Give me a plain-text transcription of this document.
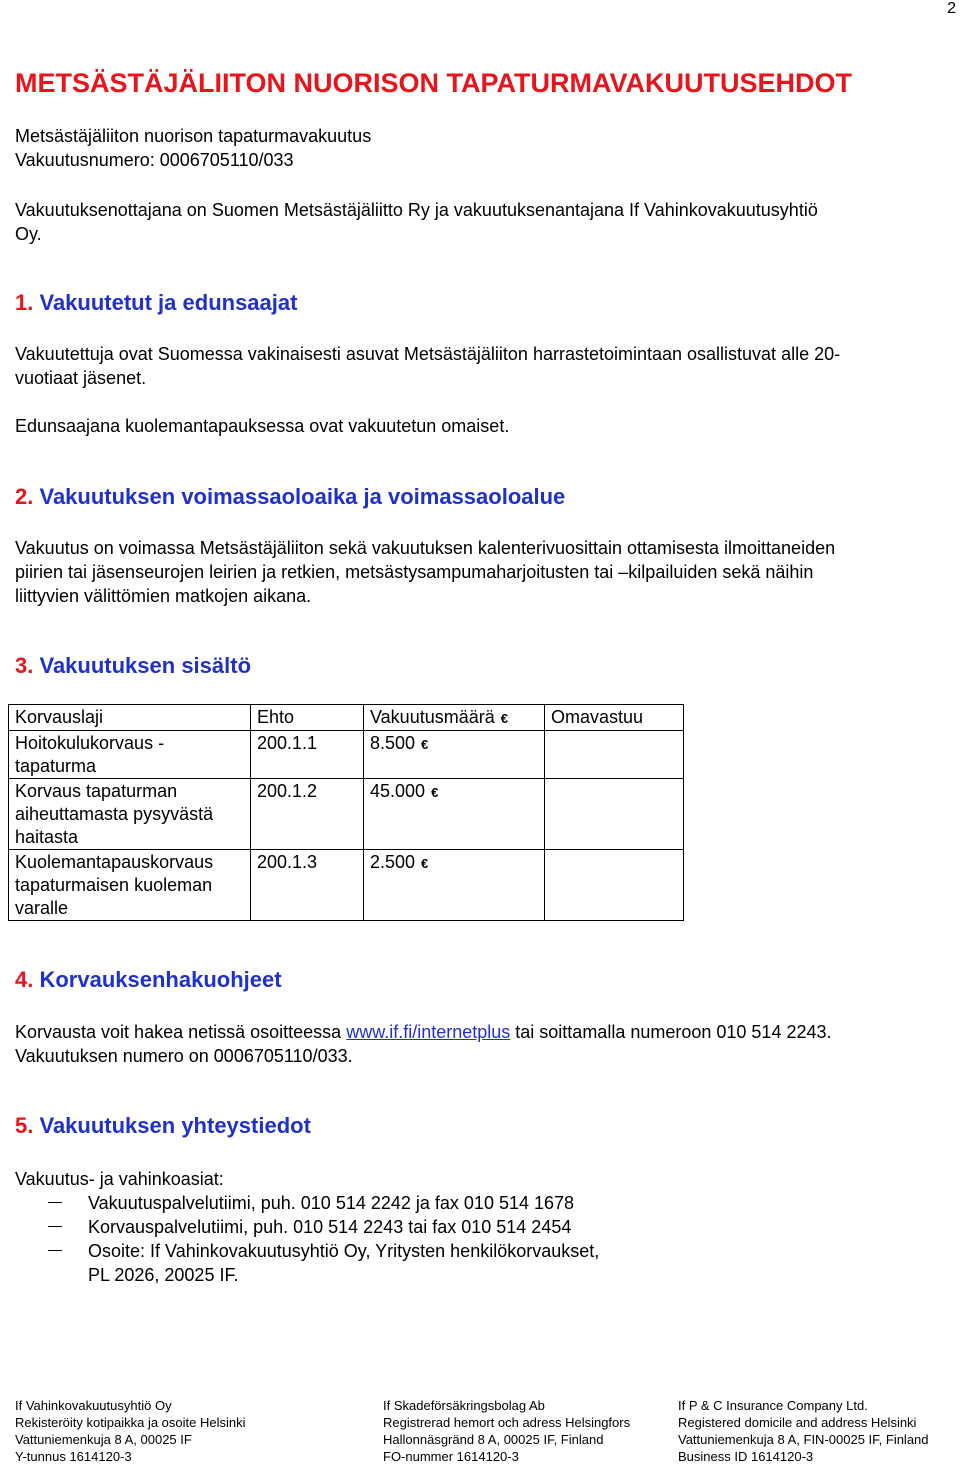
2
METSÄSTÄJÄLIITON NUORISON TAPATURMAVAKUUTUSEHDOT
Metsästäjäliiton nuorison tapaturmavakuutus
Vakuutusnumero: 0006705110/033
Vakuutuksenottajana on Suomen Metsästäjäliitto Ry ja vakuutuksenantajana If Vahinkovakuutusyhtiö
Oy.
1. Vakuutetut ja edunsaajat
Vakuutettuja ovat Suomessa vakinaisesti asuvat Metsästäjäliiton harrastetoimintaan osallistuvat alle 20-
vuotiaat jäsenet.
Edunsaajana kuolemantapauksessa ovat vakuutetun omaiset.
2. Vakuutuksen voimassaoloaika ja voimassaoloalue
Vakuutus on voimassa Metsästäjäliiton sekä vakuutuksen kalenterivuosittain ottamisesta ilmoittaneiden
piirien tai jäsenseurojen leirien ja retkien, metsästysampumaharjoitusten tai –kilpailuiden sekä näihin
liittyvien välittömien matkojen aikana.
3. Vakuutuksen sisältö
Korvauslaji	Ehto	Vakuutusmäärä €	Omavastuu
Hoitokulukorvaus - tapaturma	200.1.1	8.500 €	
Korvaus tapaturman aiheuttamasta pysyvästä haitasta	200.1.2	45.000 €	
Kuolemantapauskorvaus tapaturmaisen kuoleman varalle	200.1.3	2.500 €	
4. Korvauksenhakuohjeet
Korvausta voit hakea netissä osoitteessa www.if.fi/internetplus tai soittamalla numeroon 010 514 2243.
Vakuutuksen numero on 0006705110/033.
5. Vakuutuksen yhteystiedot
Vakuutus- ja vahinkoasiat:
Vakuutuspalvelutiimi, puh. 010 514 2242 ja fax 010 514 1678
Korvauspalvelutiimi, puh. 010 514 2243 tai fax 010 514 2454
Osoite: If Vahinkovakuutusyhtiö Oy, Yritysten henkilökorvaukset,
PL 2026, 20025 IF.
If Vahinkovakuutusyhtiö Oy
Rekisteröity kotipaikka ja osoite Helsinki
Vattuniemenkuja 8 A, 00025 IF
Y-tunnus 1614120-3
If Skadeförsäkringsbolag Ab
Registrerad hemort och adress Helsingfors
Hallonnäsgränd 8 A, 00025 IF, Finland
FO-nummer 1614120-3
If P & C Insurance Company Ltd.
Registered domicile and address Helsinki
Vattuniemenkuja 8 A, FIN-00025 IF, Finland
Business ID 1614120-3
